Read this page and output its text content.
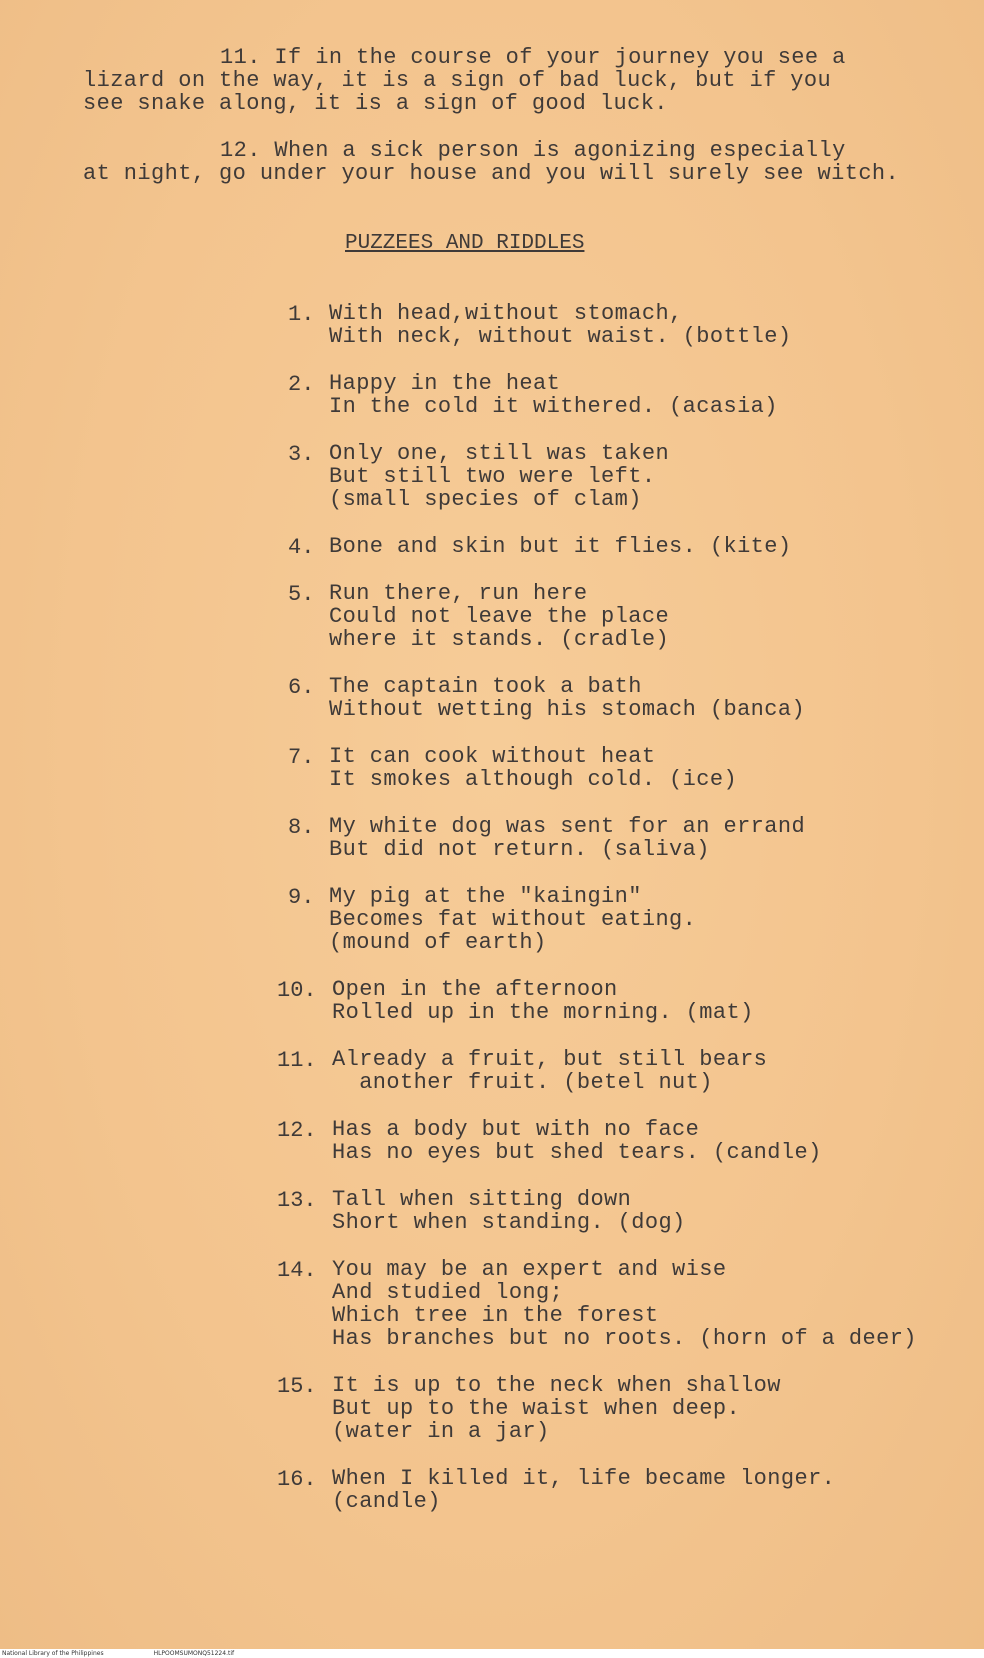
11. If in the course of your journey you see a
lizard on the way, it is a sign of bad luck, but if you
see snake along, it is a sign of good luck.
12. When a sick person is agonizing especially
at night, go under your house and you will surely see witch.
PUZZEES AND RIDDLES
1. With head,without stomach,
With neck, without waist. (bottle)
2. Happy in the heat
In the cold it withered. (acasia)
3. Only one, still was taken
But still two were left.
(small species of clam)
4. Bone and skin but it flies. (kite)
5. Run there, run here
Could not leave the place
where it stands. (cradle)
6. The captain took a bath
Without wetting his stomach (banca)
7. It can cook without heat
It smokes although cold. (ice)
8. My white dog was sent for an errand
But did not return. (saliva)
9. My pig at the "kaingin"
Becomes fat without eating.
(mound of earth)
10. Open in the afternoon
Rolled up in the morning. (mat)
11. Already a fruit, but still bears
another fruit. (betel nut)
12. Has a body but with no face
Has no eyes but shed tears. (candle)
13. Tall when sitting down
Short when standing. (dog)
14. You may be an expert and wise
And studied long;
Which tree in the forest
Has branches but no roots. (horn of a deer)
15. It is up to the neck when shallow
But up to the waist when deep.
(water in a jar)
16. When I killed it, life became longer.
(candle)
National Library of the Philippines	HLPOOMSUMONQ51224.tif
